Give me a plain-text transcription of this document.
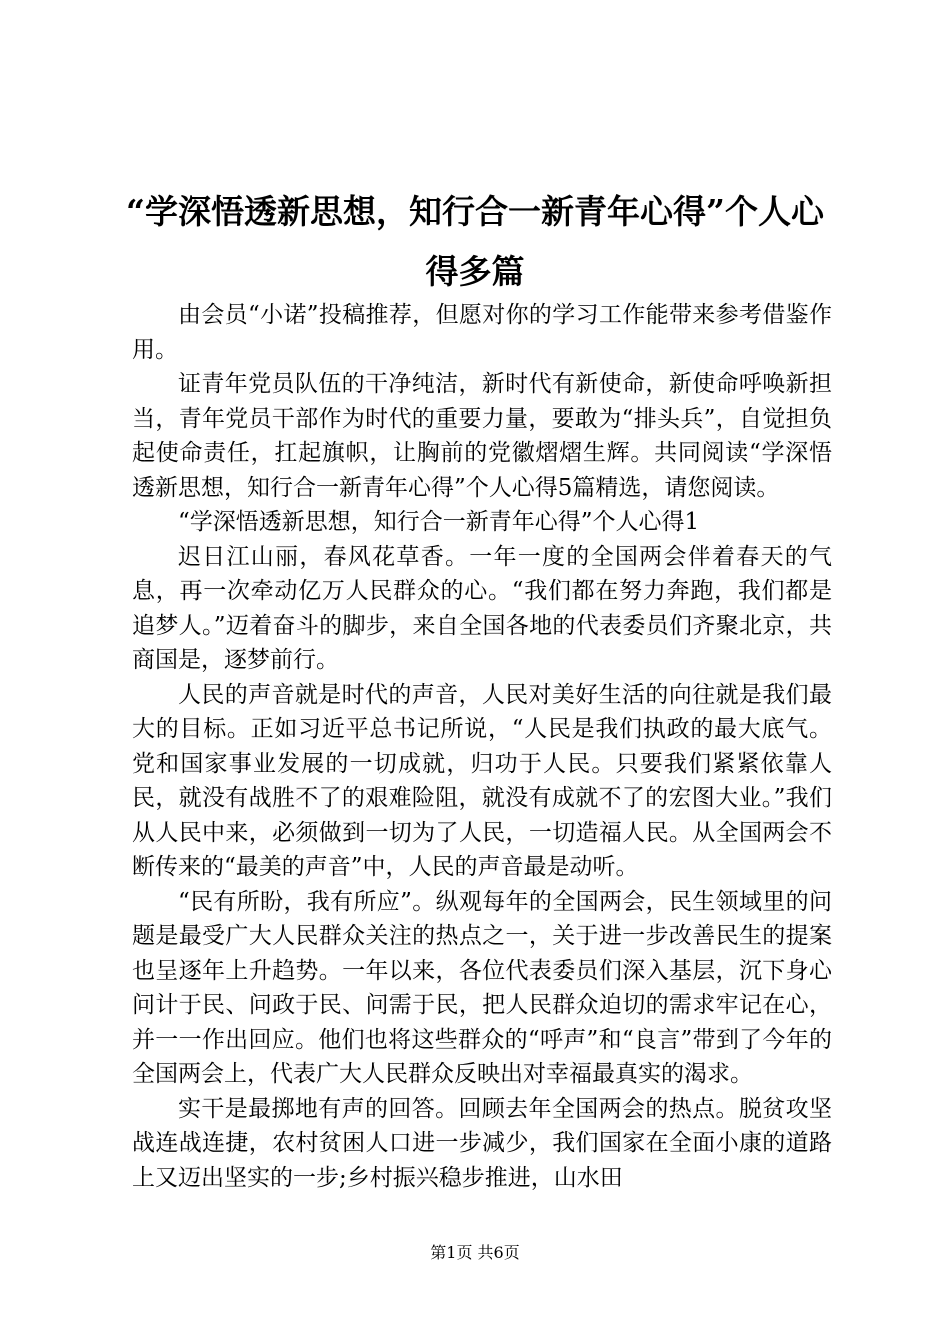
“学深悟透新思想，知行合一新青年心得”个人心得多篇

由会员“小诺”投稿推荐，但愿对你的学习工作能带来参考借鉴作用。

证青年党员队伍的干净纯洁，新时代有新使命，新使命呼唤新担当，青年党员干部作为时代的重要力量，要敢为“排头兵”，自觉担负起使命责任，扛起旗帜，让胸前的党徽熠熠生辉。共同阅读“学深悟透新思想，知行合一新青年心得”个人心得5篇精选，请您阅读。

“学深悟透新思想，知行合一新青年心得”个人心得1

迟日江山丽，春风花草香。一年一度的全国两会伴着春天的气息，再一次牵动亿万人民群众的心。“我们都在努力奔跑，我们都是追梦人。”迈着奋斗的脚步，来自全国各地的代表委员们齐聚北京，共商国是，逐梦前行。

人民的声音就是时代的声音，人民对美好生活的向往就是我们最大的目标。正如习近平总书记所说，“人民是我们执政的最大底气。党和国家事业发展的一切成就，归功于人民。只要我们紧紧依靠人民，就没有战胜不了的艰难险阻，就没有成就不了的宏图大业。”我们从人民中来，必须做到一切为了人民，一切造福人民。从全国两会不断传来的“最美的声音”中，人民的声音最是动听。

“民有所盼，我有所应”。纵观每年的全国两会，民生领域里的问题是最受广大人民群众关注的热点之一，关于进一步改善民生的提案也呈逐年上升趋势。一年以来，各位代表委员们深入基层，沉下身心问计于民、问政于民、问需于民，把人民群众迫切的需求牢记在心，并一一作出回应。他们也将这些群众的“呼声”和“良言”带到了今年的全国两会上，代表广大人民群众反映出对幸福最真实的渴求。

实干是最掷地有声的回答。回顾去年全国两会的热点。脱贫攻坚战连战连捷，农村贫困人口进一步减少，我们国家在全面小康的道路上又迈出坚实的一步;乡村振兴稳步推进，山水田

第1页 共6页
